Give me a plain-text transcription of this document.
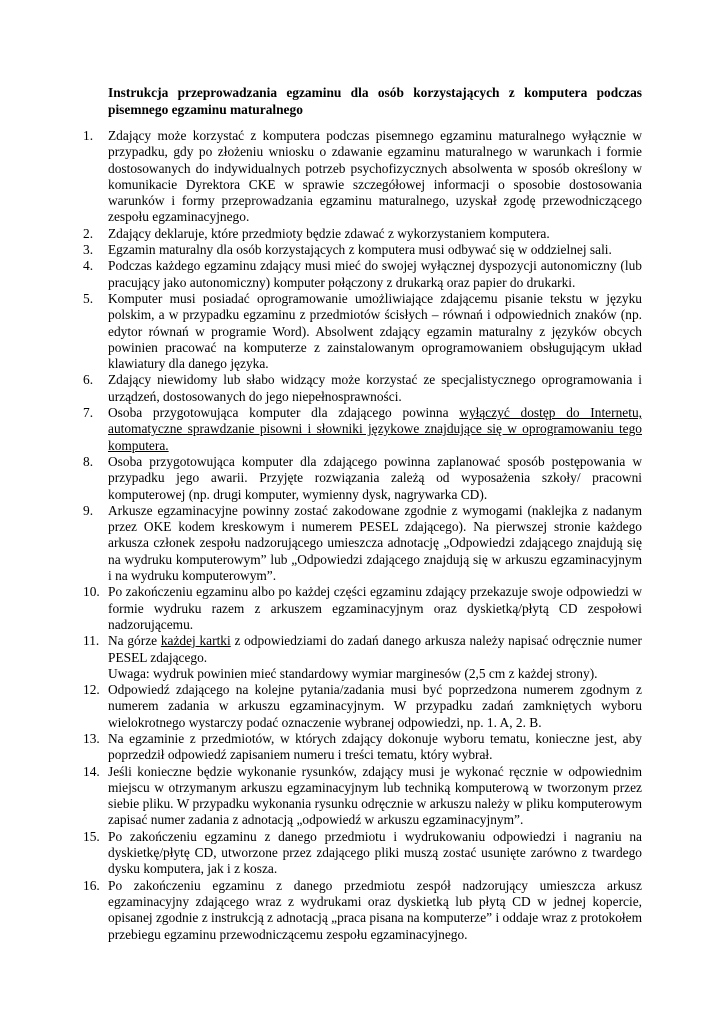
Instrukcja przeprowadzania egzaminu dla osób korzystających z komputera podczas pisemnego egzaminu maturalnego
1. Zdający może korzystać z komputera podczas pisemnego egzaminu maturalnego wyłącznie w przypadku, gdy po złożeniu wniosku o zdawanie egzaminu maturalnego w warunkach i formie dostosowanych do indywidualnych potrzeb psychofizycznych absolwenta w sposób określony w komunikacie Dyrektora CKE w sprawie szczegółowej informacji o sposobie dostosowania warunków i formy przeprowadzania egzaminu maturalnego, uzyskał zgodę przewodniczącego zespołu egzaminacyjnego.
2. Zdający deklaruje, które przedmioty będzie zdawać z wykorzystaniem komputera.
3. Egzamin maturalny dla osób korzystających z komputera musi odbywać się w oddzielnej sali.
4. Podczas każdego egzaminu zdający musi mieć do swojej wyłącznej dyspozycji autonomiczny (lub pracujący jako autonomiczny) komputer połączony z drukarką oraz papier do drukarki.
5. Komputer musi posiadać oprogramowanie umożliwiające zdającemu pisanie tekstu w języku polskim, a w przypadku egzaminu z przedmiotów ścisłych – równań i odpowiednich znaków (np. edytor równań w programie Word). Absolwent zdający egzamin maturalny z języków obcych powinien pracować na komputerze z zainstalowanym oprogramowaniem obsługującym układ klawiatury dla danego języka.
6. Zdający niewidomy lub słabo widzący może korzystać ze specjalistycznego oprogramowania i urządzeń, dostosowanych do jego niepełnosprawności.
7. Osoba przygotowująca komputer dla zdającego powinna wyłączyć dostęp do Internetu, automatyczne sprawdzanie pisowni i słowniki językowe znajdujące się w oprogramowaniu tego komputera.
8. Osoba przygotowująca komputer dla zdającego powinna zaplanować sposób postępowania w przypadku jego awarii. Przyjęte rozwiązania zależą od wyposażenia szkoły/ pracowni komputerowej (np. drugi komputer, wymienny dysk, nagrywarka CD).
9. Arkusze egzaminacyjne powinny zostać zakodowane zgodnie z wymogami (naklejka z nadanym przez OKE kodem kreskowym i numerem PESEL zdającego). Na pierwszej stronie każdego arkusza członek zespołu nadzorującego umieszcza adnotację „Odpowiedzi zdającego znajdują się na wydruku komputerowym” lub „Odpowiedzi zdającego znajdują się w arkuszu egzaminacyjnym i na wydruku komputerowym”.
10. Po zakończeniu egzaminu albo po każdej części egzaminu zdający przekazuje swoje odpowiedzi w formie wydruku razem z arkuszem egzaminacyjnym oraz dyskietką/płytą CD zespołowi nadzorującemu.
11. Na górze każdej kartki z odpowiedziami do zadań danego arkusza należy napisać odręcznie numer PESEL zdającego.
Uwaga: wydruk powinien mieć standardowy wymiar marginesów (2,5 cm z każdej strony).
12. Odpowiedź zdającego na kolejne pytania/zadania musi być poprzedzona numerem zgodnym z numerem zadania w arkuszu egzaminacyjnym. W przypadku zadań zamkniętych wyboru wielokrotnego wystarczy podać oznaczenie wybranej odpowiedzi, np. 1. A, 2. B.
13. Na egzaminie z przedmiotów, w których zdający dokonuje wyboru tematu, konieczne jest, aby poprzedził odpowiedź zapisaniem numeru i treści tematu, który wybrał.
14. Jeśli konieczne będzie wykonanie rysunków, zdający musi je wykonać ręcznie w odpowiednim miejscu w otrzymanym arkuszu egzaminacyjnym lub techniką komputerową w tworzonym przez siebie pliku. W przypadku wykonania rysunku odręcznie w arkuszu należy w pliku komputerowym zapisać numer zadania z adnotacją „odpowiedź w arkuszu egzaminacyjnym”.
15. Po zakończeniu egzaminu z danego przedmiotu i wydrukowaniu odpowiedzi i nagraniu na dyskietkę/płytę CD, utworzone przez zdającego pliki muszą zostać usunięte zarówno z twardego dysku komputera, jak i z kosza.
16. Po zakończeniu egzaminu z danego przedmiotu zespół nadzorujący umieszcza arkusz egzaminacyjny zdającego wraz z wydrukami oraz dyskietką lub płytą CD w jednej kopercie, opisanej zgodnie z instrukcją z adnotacją „praca pisana na komputerze” i oddaje wraz z protokołem przebiegu egzaminu przewodniczącemu zespołu egzaminacyjnego.
